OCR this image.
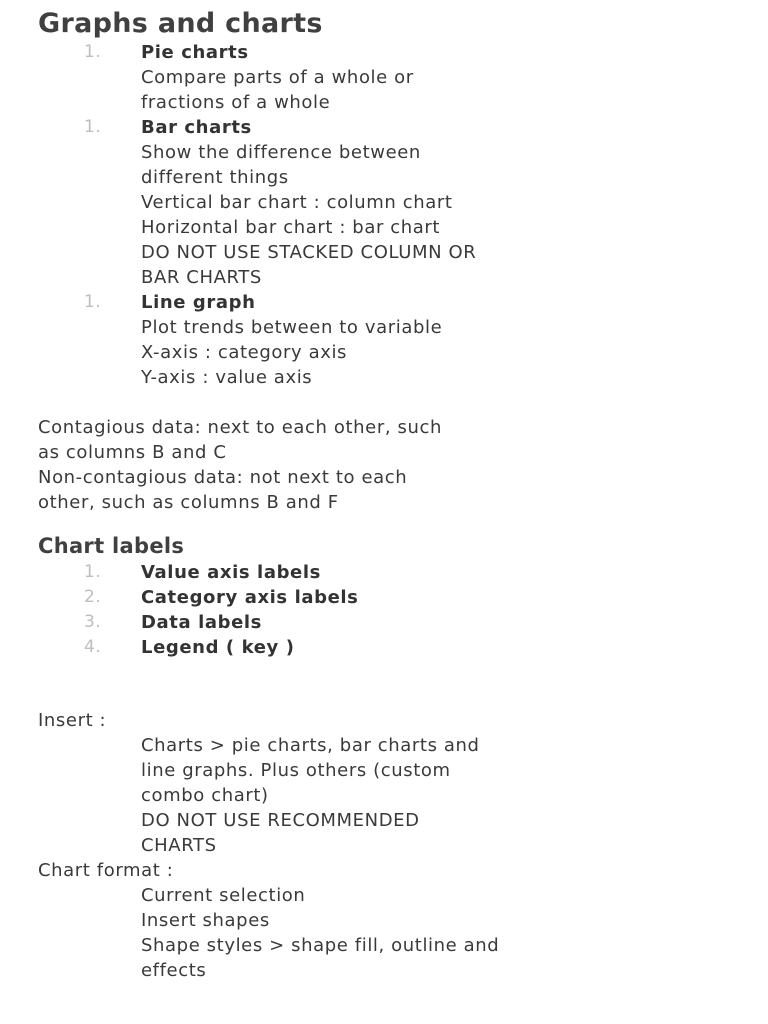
Graphs and charts
1.	Pie charts
Compare parts of a whole or
fractions of a whole
1.	Bar charts
Show the difference between
different things
Vertical bar chart : column chart
Horizontal bar chart : bar chart
DO NOT USE STACKED COLUMN OR
BAR CHARTS
1.	Line graph
Plot trends between to variable
X-axis : category axis
Y-axis : value axis
Contagious data: next to each other, such
as columns B and C
Non-contagious data: not next to each
other, such as columns B and F
Chart labels
1.	Value axis labels
2.	Category axis labels
3.	Data labels
4.	Legend ( key )
Insert :
Charts > pie charts, bar charts and
line graphs. Plus others (custom
combo chart)
DO NOT USE RECOMMENDED
CHARTS
Chart format :
Current selection
Insert shapes
Shape styles > shape fill, outline and
effects
